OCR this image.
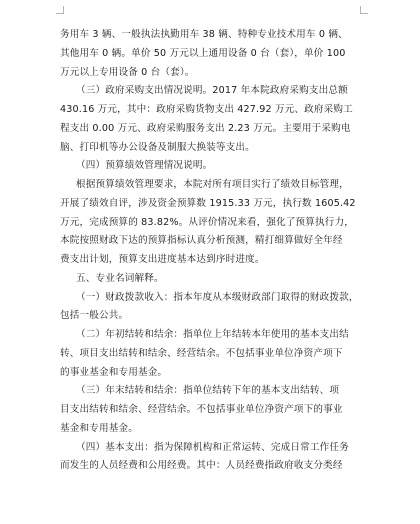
务用车 3 辆、一般执法执勤用车 38 辆、特种专业技术用车 0 辆、
其他用车 0 辆。单价 50 万元以上通用设备 0 台（套），单价 100
万元以上专用设备 0 台（套）。
（三）政府采购支出情况说明。2017 年本院政府采购支出总额
430.16 万元，其中：政府采购货物支出 427.92 万元、政府采购工
程支出 0.00 万元、政府采购服务支出 2.23 万元。主要用于采购电
脑、打印机等办公设备及制服大换装等支出。
（四）预算绩效管理情况说明。
根据预算绩效管理要求，本院对所有项目实行了绩效目标管理，
开展了绩效自评，涉及资金预算数 1915.33 万元，执行数 1605.42
万元，完成预算的 83.82%。从评价情况来看，强化了预算执行力，
本院按照财政下达的预算指标认真分析预测，精打细算做好全年经
费支出计划，预算支出进度基本达到序时进度。
五、专业名词解释。
（一）财政拨款收入：指本年度从本级财政部门取得的财政拨款，
包括一般公共。
（二）年初结转和结余：指单位上年结转本年使用的基本支出结
转、项目支出结转和结余、经营结余。不包括事业单位净资产项下
的事业基金和专用基金。
（三）年末结转和结余：指单位结转下年的基本支出结转、项
目支出结转和结余、经营结余。不包括事业单位净资产项下的事业
基金和专用基金。
（四）基本支出：指为保障机构和正常运转、完成日常工作任务
而发生的人员经费和公用经费。其中：人员经费指政府收支分类经
